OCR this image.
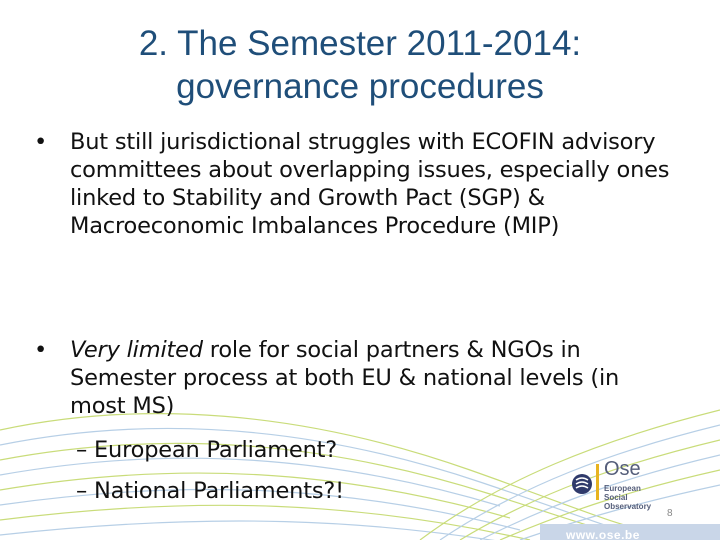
2. The Semester 2011-2014:
governance procedures
• But still jurisdictional struggles with ECOFIN advisory committees about overlapping issues, especially ones linked to Stability and Growth Pact (SGP) & Macroeconomic Imbalances Procedure (MIP)
• Very limited role for social partners & NGOs in Semester process at both EU & national levels (in most MS)
– European Parliament?
– National Parliaments?!
Ose
European
Social
Observatory
8
www.ose.be
